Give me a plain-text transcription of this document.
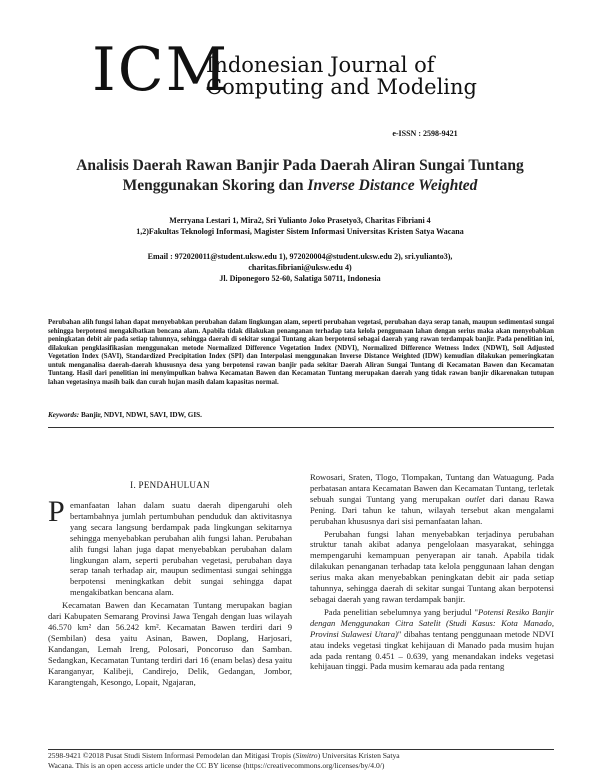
ICM
Indonesian Journal of
Computing and Modeling
e-ISSN : 2598-9421
Analisis Daerah Rawan Banjir Pada Daerah Aliran Sungai Tuntang Menggunakan Skoring dan Inverse Distance Weighted
Merryana Lestari 1, Mira2, Sri Yulianto Joko Prasetyo3, Charitas Fibriani 4
1,2)Fakultas Teknologi Informasi, Magister Sistem Informasi Universitas Kristen Satya Wacana
Email : 972020011@student.uksw.edu 1), 972020004@student.uksw.edu 2), sri.yulianto3),
charitas.fibriani@uksw.edu 4)
Jl. Diponegoro 52-60, Salatiga 50711, Indonesia
Perubahan alih fungsi lahan dapat menyebabkan perubahan dalam lingkungan alam, seperti perubahan vegetasi, perubahan daya serap tanah, maupun sedimentasi sungai sehingga berpotensi mengakibatkan bencana alam. Apabila tidak dilakukan penanganan terhadap tata kelola penggunaan lahan dengan serius maka akan menyebabkan peningkatan debit air pada setiap tahunnya, sehingga daerah di sekitar sungai Tuntang akan berpotensi sebagai daerah yang rawan terdampak banjir. Pada penelitian ini, dilakukan pengklasifikasian menggunakan metode Normalized Difference Vegetation Index (NDVI), Normalized Difference Wetness Index (NDWI), Soil Adjusted Vegetation Index (SAVI), Standardized Precipitation Index (SPI) dan Interpolasi menggunakan Inverse Distance Weighted (IDW) kemudian dilakukan pemeringkatan untuk menganalisa daerah-daerah khususnya desa yang berpotensi rawan banjir pada sekitar Daerah Aliran Sungai Tuntang di Kecamatan Bawen dan Kecamatan Tuntang. Hasil dari penelitian ini menyimpulkan bahwa Kecamatan Bawen dan Kecamatan Tuntang merupakan daerah yang tidak rawan banjir dikarenakan tutupan lahan vegetasinya masih baik dan curah hujan masih dalam kapasitas normal.
Keywords: Banjir, NDVI, NDWI, SAVI, IDW, GIS.
I. PENDAHULUAN
P emanfaatan lahan dalam suatu daerah dipengaruhi oleh bertambahnya jumlah pertumbuhan penduduk dan aktivitasnya yang secara langsung berdampak pada lingkungan sekitarnya sehingga menyebabkan perubahan alih fungsi lahan. Perubahan alih fungsi lahan juga dapat menyebabkan perubahan dalam lingkungan alam, seperti perubahan vegetasi, perubahan daya serap tanah terhadap air, maupun sedimentasi sungai sehingga berpotensi meningkatkan debit sungai sehingga dapat mengakibatkan bencana alam.

Kecamatan Bawen dan Kecamatan Tuntang merupakan bagian dari Kabupaten Semarang Provinsi Jawa Tengah dengan luas wilayah 46.570 km² dan 56.242 km². Kecamatan Bawen terdiri dari 9 (Sembilan) desa yaitu Asinan, Bawen, Doplang, Harjosari, Kandangan, Lemah Ireng, Polosari, Poncoruso dan Samban. Sedangkan, Kecamatan Tuntang terdiri dari 16 (enam belas) desa yaitu Karanganyar, Kalibeji, Candirejo, Delik, Gedangan, Jombor, Karangtengah, Kesongo, Lopait, Ngajaran,

Rowosari, Sraten, Tlogo, Tlompakan, Tuntang dan Watuagung. Pada perbatasan antara Kecamatan Bawen dan Kecamatan Tuntang, terletak sebuah sungai Tuntang yang merupakan outlet dari danau Rawa Pening. Dari tahun ke tahun, wilayah tersebut akan mengalami perubahan khususnya dari sisi pemanfaatan lahan.

Perubahan fungsi lahan menyebabkan terjadinya perubahan struktur tanah akibat adanya pengelolaan masyarakat, sehingga mempengaruhi kemampuan penyerapan air tanah. Apabila tidak dilakukan penanganan terhadap tata kelola penggunaan lahan dengan serius maka akan menyebabkan peningkatan debit air pada setiap tahunnya, sehingga daerah di sekitar sungai Tuntang akan berpotensi sebagai daerah yang rawan terdampak banjir.

Pada penelitian sebelumnya yang berjudul "Potensi Resiko Banjir dengan Menggunakan Citra Satelit (Studi Kasus: Kota Manado, Provinsi Sulawesi Utara)" dibahas tentang penggunaan metode NDVI atau indeks vegetasi tingkat kehijauan di Manado pada musim hujan ada pada rentang 0.451 – 0.639, yang menandakan indeks vegetasi kehijauan tinggi. Pada musim kemarau ada pada rentang

2598-9421 ©2018 Pusat Studi Sistem Informasi Pemodelan dan Mitigasi Tropis (Simitro) Universitas Kristen Satya
Wacana. This is an open access article under the CC BY license (https://creativecommons.org/licenses/by/4.0/)
